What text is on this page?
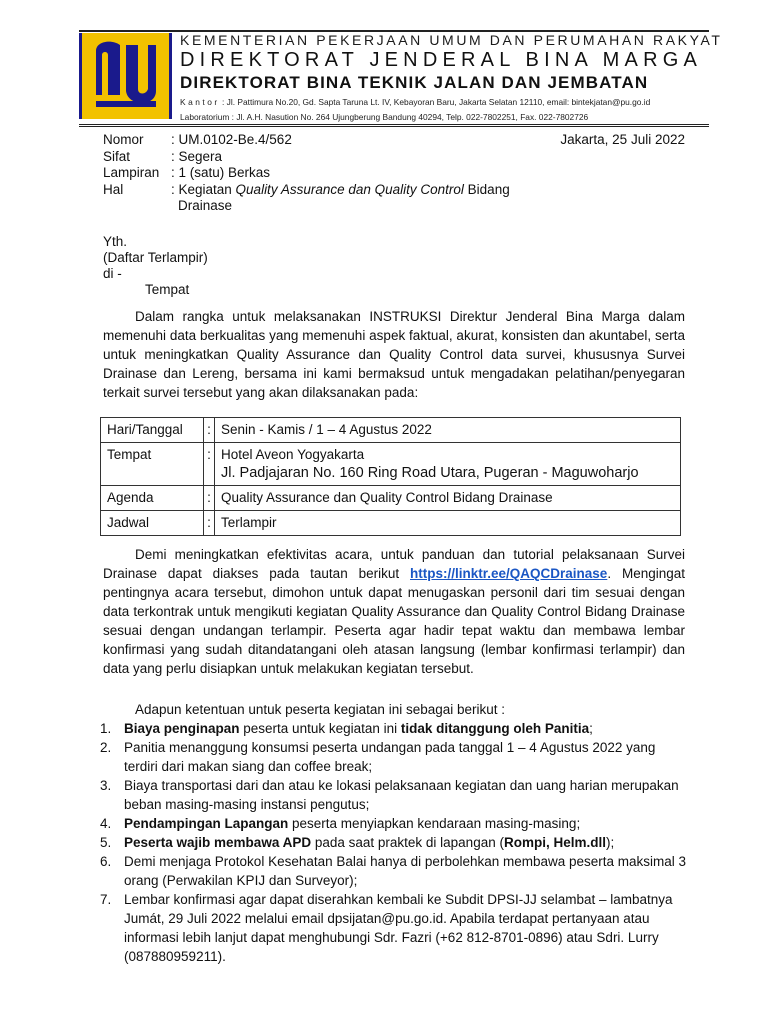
KEMENTERIAN PEKERJAAN UMUM DAN PERUMAHAN RAKYAT
DIREKTORAT JENDERAL BINA MARGA
DIREKTORAT BINA TEKNIK JALAN DAN JEMBATAN
Kantor : Jl. Pattimura No.20, Gd. Sapta Taruna Lt. IV, Kebayoran Baru, Jakarta Selatan 12110, email: bintekjatan@pu.go.id
Laboratorium : Jl. A.H. Nasution No. 264 Ujungberung Bandung 40294, Telp. 022-7802251, Fax. 022-7802726
Nomor	: UM.0102-Be.4/562
Sifat	: Segera
Lampiran : 1 (satu) Berkas
Hal	: Kegiatan Quality Assurance dan Quality Control Bidang
Drainase
Jakarta, 25 Juli 2022
Yth.
(Daftar Terlampir)
di -
Tempat
Dalam rangka untuk melaksanakan INSTRUKSI Direktur Jenderal Bina Marga dalam memenuhi data berkualitas yang memenuhi aspek faktual, akurat, konsisten dan akuntabel, serta untuk meningkatkan Quality Assurance dan Quality Control data survei, khususnya Survei Drainase dan Lereng, bersama ini kami bermaksud untuk mengadakan pelatihan/penyegaran terkait survei tersebut yang akan dilaksanakan pada:
Hari/Tanggal	:	Senin - Kamis / 1 – 4 Agustus 2022
Tempat	:	Hotel Aveon Yogyakarta
Jl. Padjajaran No. 160 Ring Road Utara, Pugeran - Maguwoharjo

Agenda	:	Quality Assurance dan Quality Control Bidang Drainase
Jadwal	:	Terlampir
Demi meningkatkan efektivitas acara, untuk panduan dan tutorial pelaksanaan Survei Drainase dapat diakses pada tautan berikut https://linktr.ee/QAQCDrainase. Mengingat pentingnya acara tersebut, dimohon untuk dapat menugaskan personil dari tim sesuai dengan data terkontrak untuk mengikuti kegiatan Quality Assurance dan Quality Control Bidang Drainase sesuai dengan undangan terlampir. Peserta agar hadir tepat waktu dan membawa lembar konfirmasi yang sudah ditandatangani oleh atasan langsung (lembar konfirmasi terlampir) dan data yang perlu disiapkan untuk melakukan kegiatan tersebut.
Adapun ketentuan untuk peserta kegiatan ini sebagai berikut :
1. Biaya penginapan peserta untuk kegiatan ini tidak ditanggung oleh Panitia;
2. Panitia menanggung konsumsi peserta undangan pada tanggal 1 – 4 Agustus 2022 yang terdiri dari makan siang dan coffee break;
3. Biaya transportasi dari dan atau ke lokasi pelaksanaan kegiatan dan uang harian merupakan beban masing-masing instansi pengutus;
4. Pendampingan Lapangan peserta menyiapkan kendaraan masing-masing;
5. Peserta wajib membawa APD pada saat praktek di lapangan (Rompi, Helm.dll);
6. Demi menjaga Protokol Kesehatan Balai hanya di perbolehkan membawa peserta maksimal 3 orang (Perwakilan KPIJ dan Surveyor);
7. Lembar konfirmasi agar dapat diserahkan kembali ke Subdit DPSI-JJ selambat – lambatnya Jumát, 29 Juli 2022 melalui email dpsijatan@pu.go.id. Apabila terdapat pertanyaan atau informasi lebih lanjut dapat menghubungi Sdr. Fazri (+62 812-8701-0896) atau Sdri. Lurry (087880959211).
